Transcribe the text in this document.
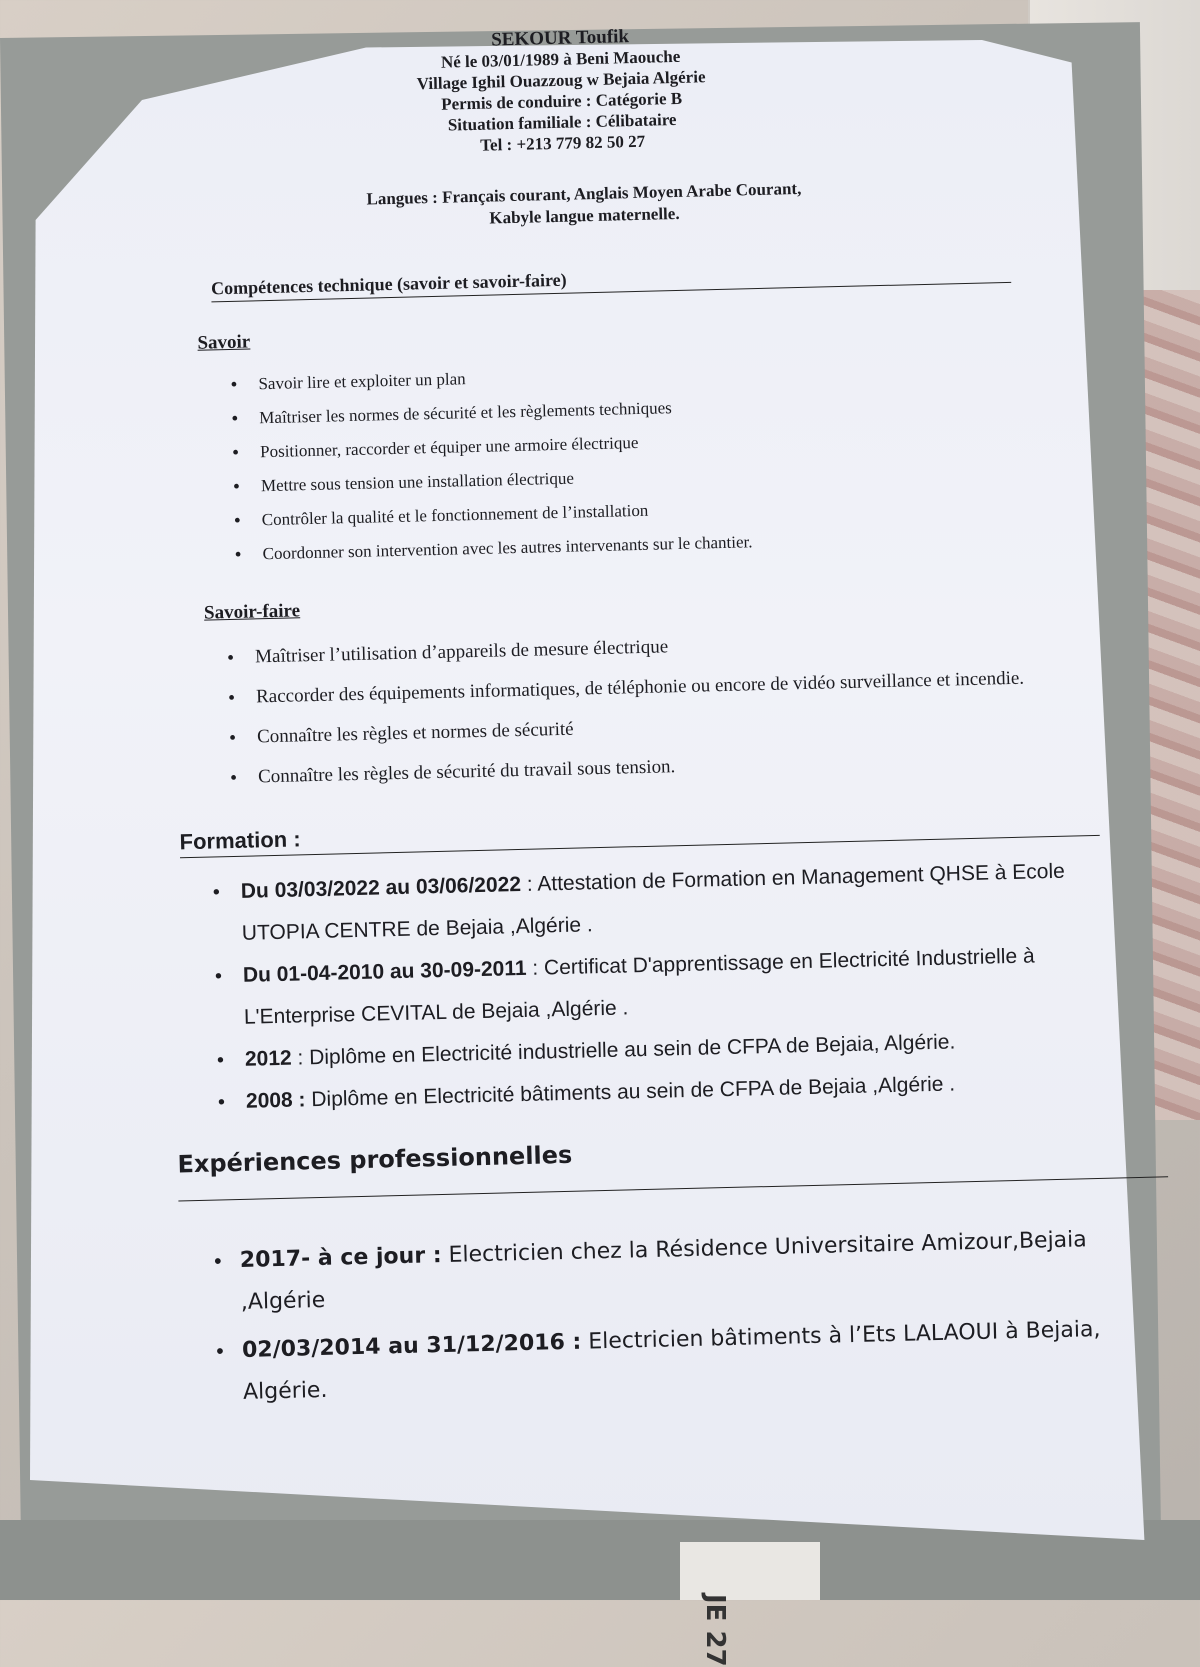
JE 27
SEKOUR Toufik
Né le 03/01/1989 à Beni Maouche
Village Ighil Ouazzoug w Bejaia Algérie
Permis de conduire : Catégorie B
Situation familiale : Célibataire
Tel : +213 779 82 50 27
Langues : Français courant, Anglais Moyen Arabe Courant,
Kabyle langue maternelle.
Compétences technique (savoir et savoir-faire)
Savoir
• Savoir lire et exploiter un plan
• Maîtriser les normes de sécurité et les règlements techniques
• Positionner, raccorder et équiper une armoire électrique
• Mettre sous tension une installation électrique
• Contrôler la qualité et le fonctionnement de l’installation
• Coordonner son intervention avec les autres intervenants sur le chantier.
Savoir-faire
• Maîtriser l’utilisation d’appareils de mesure électrique
• Raccorder des équipements informatiques, de téléphonie ou encore de vidéo surveillance et incendie.
• Connaître les règles et normes de sécurité
• Connaître les règles de sécurité du travail sous tension.
Formation :
• Du 03/03/2022 au 03/06/2022 : Attestation de Formation en Management QHSE à Ecole UTOPIA CENTRE de Bejaia ,Algérie .
• Du 01-04-2010 au 30-09-2011 : Certificat D'apprentissage en Electricité Industrielle à L'Enterprise CEVITAL de Bejaia ,Algérie .
• 2012 : Diplôme en Electricité industrielle au sein de CFPA de Bejaia, Algérie.
• 2008 : Diplôme en Electricité bâtiments au sein de CFPA de Bejaia ,Algérie .
Expériences professionnelles
• 2017- à ce jour : Electricien chez la Résidence Universitaire Amizour,Bejaia ,Algérie
• 02/03/2014 au 31/12/2016 : Electricien bâtiments à l’Ets LALAOUI à Bejaia, Algérie.
